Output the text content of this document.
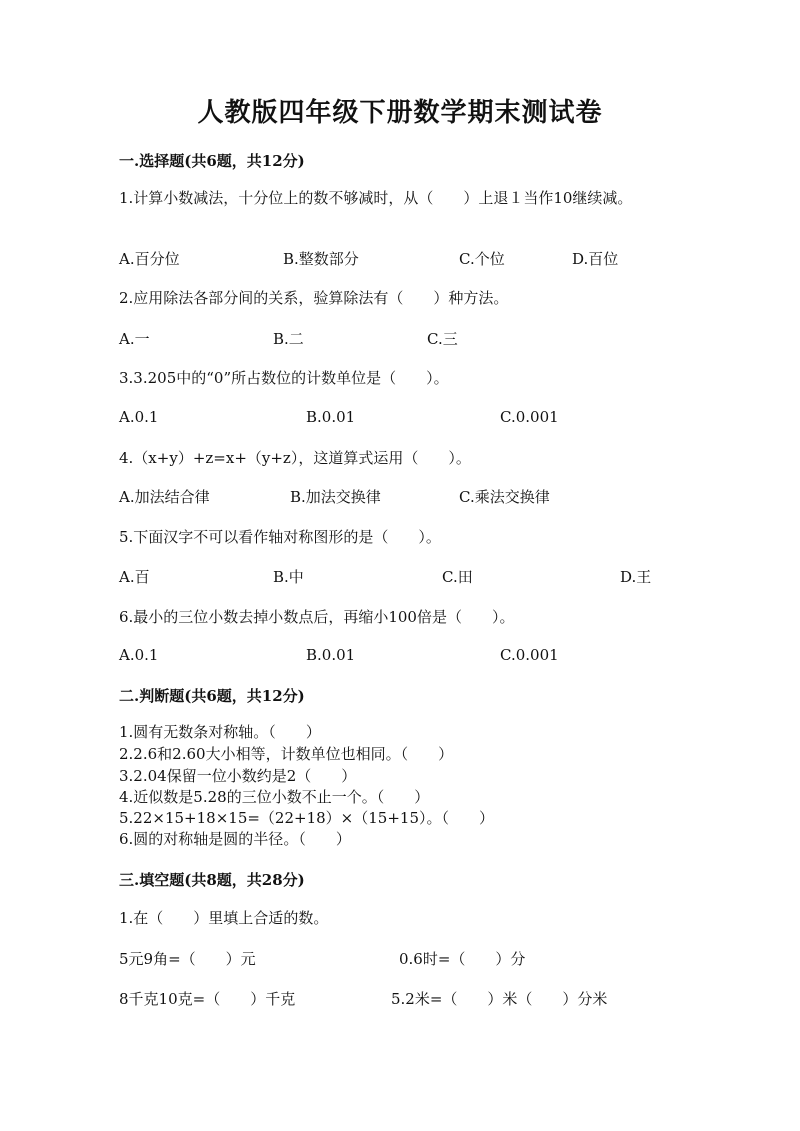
人教版四年级下册数学期末测试卷
一.选择题(共6题，共12分)
1.计算小数减法，十分位上的数不够减时，从（　　）上退１当作10继续减。
A.百分位	B.整数部分	C.个位	D.百位
2.应用除法各部分间的关系，验算除法有（　　）种方法。
A.一	B.二	C.三
3.3.205中的“0”所占数位的计数单位是（　　）。
A.0.1	B.0.01	C.0.001
4.（x+y）+z=x+（y+z），这道算式运用（　　）。
A.加法结合律	B.加法交换律	C.乘法交换律
5.下面汉字不可以看作轴对称图形的是（　　）。
A.百	B.中	C.田	D.王
6.最小的三位小数去掉小数点后，再缩小100倍是（　　）。
A.0.1	B.0.01	C.0.001
二.判断题(共6题，共12分)
1.圆有无数条对称轴。（　　）
2.2.6和2.60大小相等，计数单位也相同。（　　）
3.2.04保留一位小数约是2（　　）
4.近似数是5.28的三位小数不止一个。（　　）
5.22×15+18×15=（22+18）×（15+15）。（　　）
6.圆的对称轴是圆的半径。（　　）
三.填空题(共8题，共28分)
1.在（　　）里填上合适的数。
5元9角=（　　）元	0.6时=（　　）分
8千克10克=（　　）千克	5.2米=（　　）米（　　）分米
